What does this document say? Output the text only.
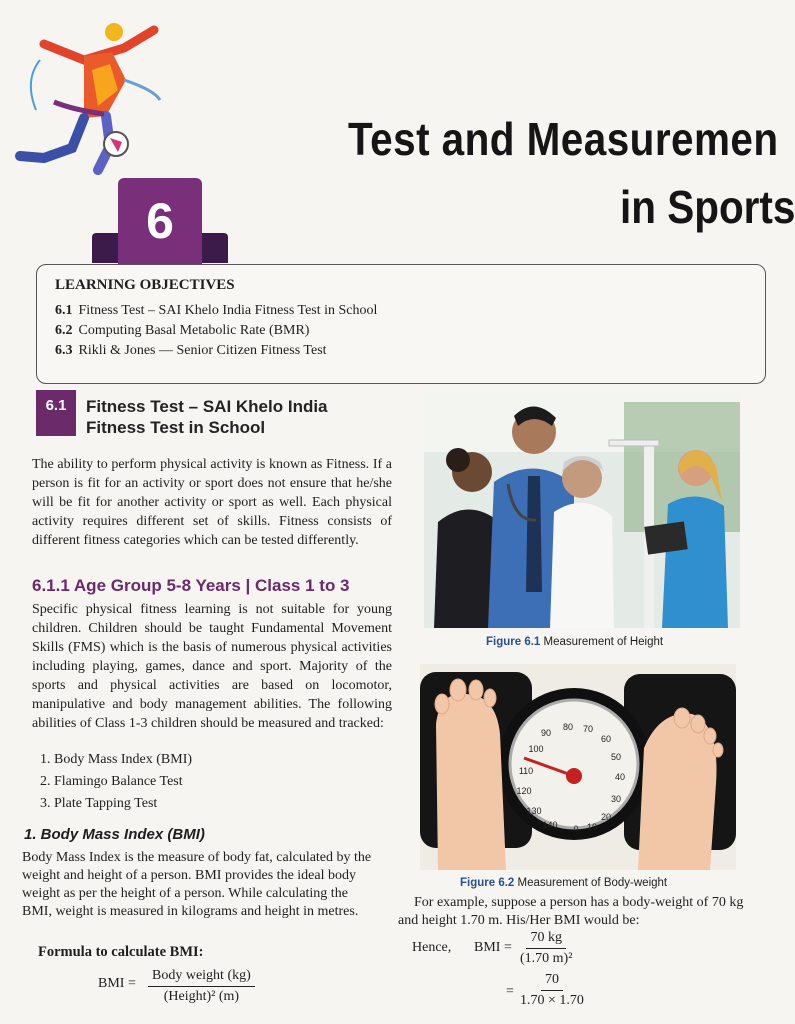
Test and Measuremen
in Sports
6
LEARNING OBJECTIVES
6.1 Fitness Test – SAI Khelo India Fitness Test in School
6.2 Computing Basal Metabolic Rate (BMR)
6.3 Rikli & Jones — Senior Citizen Fitness Test
6.1	Fitness Test – SAI Khelo India Fitness Test in School
The ability to perform physical activity is known as Fitness. If a person is fit for an activity or sport does not ensure that he/she will be fit for another activity or sport as well. Each physical activity requires different set of skills. Fitness consists of different fitness categories which can be tested differently.
6.1.1 Age Group 5-8 Years | Class 1 to 3
Specific physical fitness learning is not suitable for young children. Children should be taught Fundamental Movement Skills (FMS) which is the basis of numerous physical activities including playing, games, dance and sport. Majority of the sports and physical activities are based on locomotor, manipulative and body management abilities. The following abilities of Class 1-3 children should be measured and tracked:
1. Body Mass Index (BMI)
2. Flamingo Balance Test
3. Plate Tapping Test
1. Body Mass Index (BMI)
Body Mass Index is the measure of body fat, calculated by the weight and height of a person. BMI provides the ideal body weight as per the height of a person. While calculating the BMI, weight is measured in kilograms and height in metres.
Formula to calculate BMI:
BMI =
Body weight (kg)
(Height)² (m)
Figure 6.1 Measurement of Height
90
80 70
60
100
50
110
40
120
30
130
20
140 0 10
Figure 6.2 Measurement of Body-weight
For example, suppose a person has a body-weight of 70 kg and height 1.70 m. His/Her BMI would be:
Hence, BMI = $\frac{70 kg}{\text{(1.70 m)²}}$
= $\frac{70}{1.70 \times 1.70}$
